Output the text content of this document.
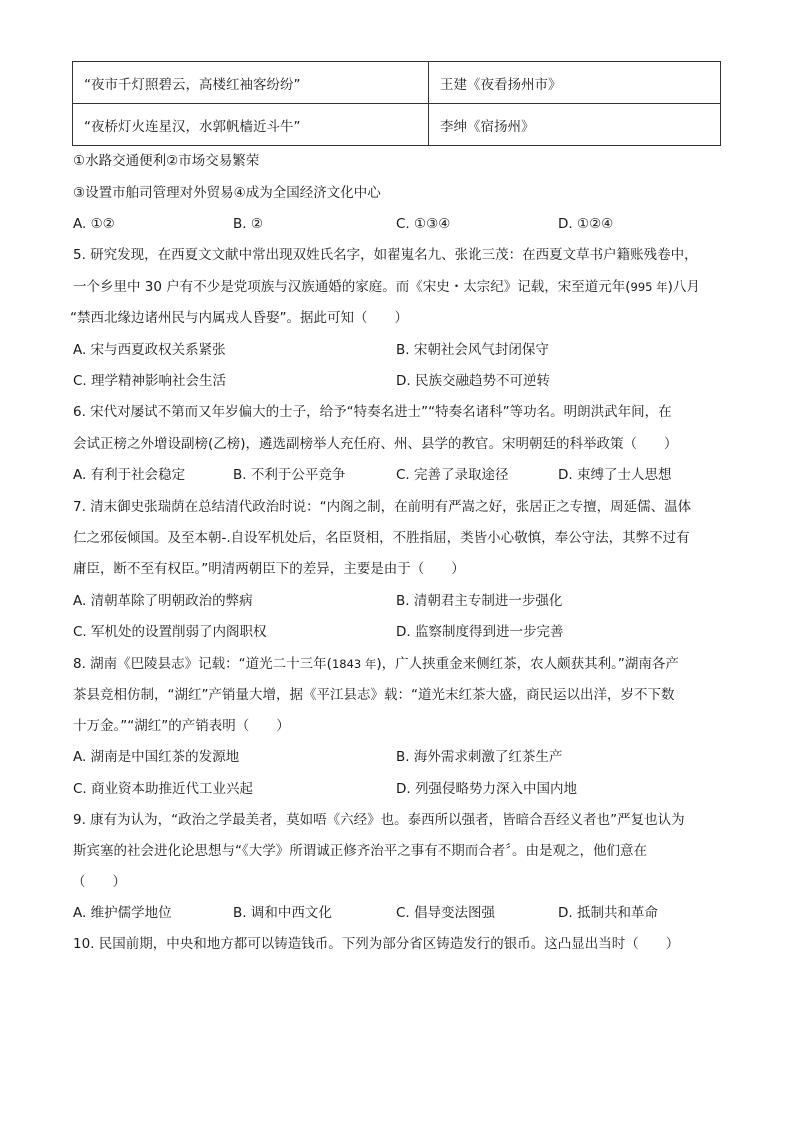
“夜市千灯照碧云，高楼红袖客纷纷”	王建《夜看扬州市》
“夜桥灯火连星汉，水郭帆樯近斗牛”	李绅《宿扬州》
①水路交通便利②市场交易繁荣
③设置市舶司管理对外贸易④成为全国经济文化中心
A. ①②	B. ②	C. ①③④	D. ①②④
5. 研究发现，在西夏文文献中常出现双姓氏名字，如翟嵬名九、张讹三茂：在西夏文草书户籍账残卷中，
一个乡里中 30 户有不少是党项族与汉族通婚的家庭。而《宋史・太宗纪》记载，宋至道元年(995 年)八月
“禁西北缘边诸州民与内属戎人昏娶”。据此可知（　　）
A. 宋与西夏政权关系紧张	B. 宋朝社会风气封闭保守
C. 理学精神影响社会生活	D. 民族交融趋势不可逆转
6. 宋代对屡试不第而又年岁偏大的士子，给予“特奏名进士”“特奏名诸科”等功名。明朗洪武年间，在
会试正榜之外增设副榜(乙榜)，遴选副榜举人充任府、州、县学的教官。宋明朝廷的科举政策（　　）
A. 有利于社会稳定	B. 不利于公平竞争	C. 完善了录取途径	D. 束缚了士人思想
7. 清末御史张瑞荫在总结清代政治时说：“内阁之制，在前明有严嵩之好，张居正之专擅，周延儒、温体
仁之邪佞倾国。及至本朝-.自设军机处后，名臣贤相，不胜指屈，类皆小心敬慎，奉公守法，其弊不过有
庸臣，断不至有权臣。”明清两朝臣下的差异，主要是由于（　　）
A. 清朝革除了明朝政治的弊病	B. 清朝君主专制进一步强化
C. 军机处的设置削弱了内阁职权	D. 监察制度得到进一步完善
8. 湖南《巴陵县志》记载：“道光二十三年(1843 年)，广人挟重金来侧红茶，农人颇获其利。”湖南各产
茶县竞相仿制，“湖红”产销量大增，据《平江县志》载：“道光末红茶大盛，商民运以出洋，岁不下数
十万金。”“湖红”的产销表明（　　）
A. 湖南是中国红茶的发源地	B. 海外需求刺激了红茶生产
C. 商业资本助推近代工业兴起	D. 列强侵略势力深入中国内地
9. 康有为认为，“政治之学最美者，莫如唔《六经》也。泰西所以强者，皆暗合吾经义者也”严复也认为
斯宾塞的社会进化论思想与“《大学》所谓诚正修齐治平之事有不期而合者〞。由是观之，他们意在
（　　）
A. 维护儒学地位	B. 调和中西文化	C. 倡导变法图强	D. 抵制共和革命
10. 民国前期，中央和地方都可以铸造钱币。下列为部分省区铸造发行的银币。这凸显出当时（　　）
